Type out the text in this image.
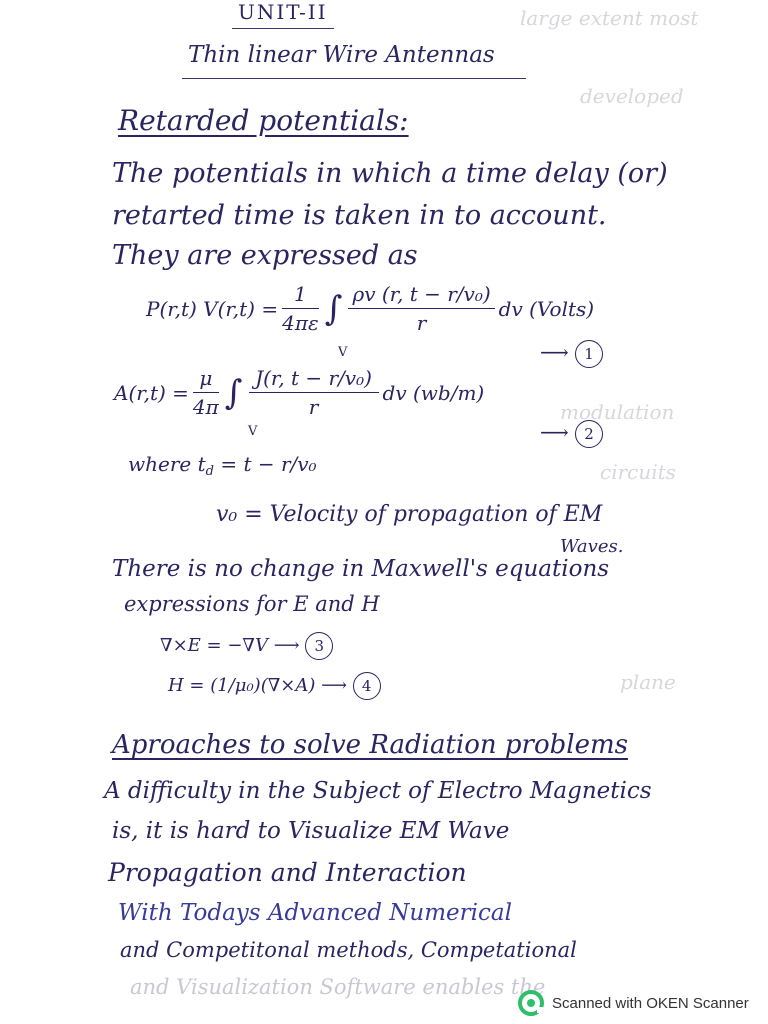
large extent most
developed
modulation
circuits
plane
UNIT-II
Thin linear Wire Antennas
Retarded potentials:
The potentials in which a time delay (or)
retarted time is taken in to account.
They are expressed as
P(r,t) $V(r,t) = \frac{1}{4\pi\varepsilon}$ ∫ $\frac{\text{ρv (r, t − r/v₀)}}{r}$ dv (Volts)
V	⟶ 1
$A(r,t) = \frac{\mu}{4\pi}$ ∫ $\frac{\text{J(r, t − r/v₀)}}{r}$ dv (wb/m)
V	⟶ 2
where $t_d = t - r/v_0$
v₀ = Velocity of propagation of EM
Waves.
There is no change in Maxwell's equations
expressions for E and H
∇×E = −∇V ⟶ 3
H = (1/μ₀)(∇×A) ⟶ 4
Aproaches to solve Radiation problems
A difficulty in the Subject of Electro Magnetics
is, it is hard to Visualize EM Wave
Propagation and Interaction
With Todays Advanced Numerical
and Competitonal methods, Competational
and Visualization Software enables the
Scanned with OKEN Scanner
